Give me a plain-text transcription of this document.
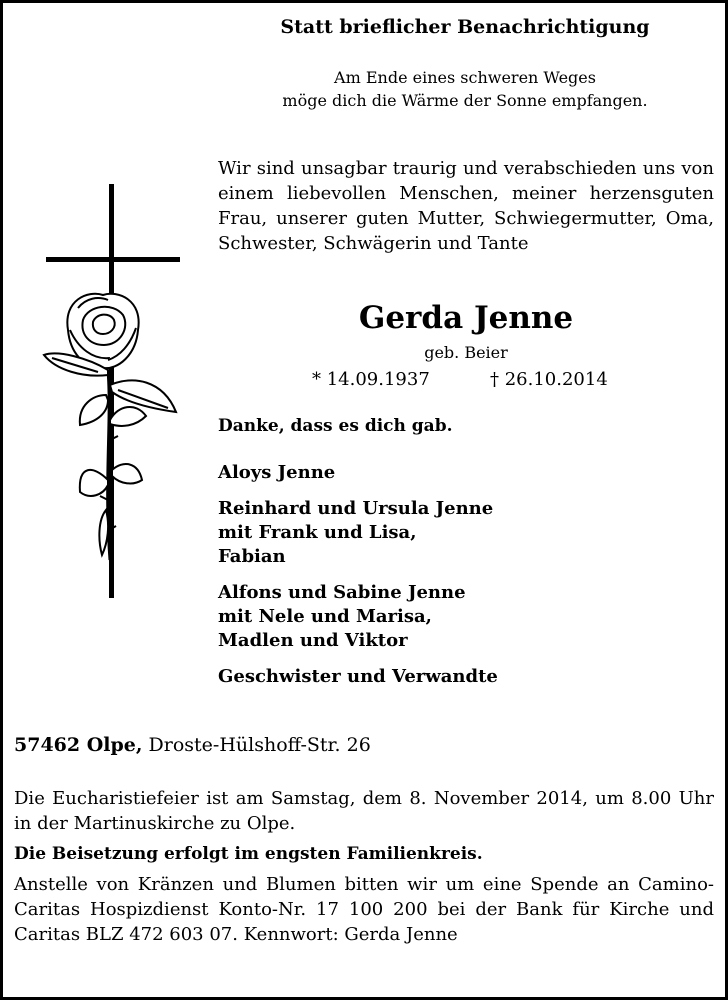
Statt brieflicher Benachrichtigung
Am Ende eines schweren Weges
möge dich die Wärme der Sonne empfangen.
Wir sind unsagbar traurig und verabschieden uns von einem liebevollen Menschen, meiner herzensguten Frau, unserer guten Mutter, Schwiegermutter, Oma, Schwester, Schwägerin und Tante
Gerda Jenne
geb. Beier
* 14.09.1937	† 26.10.2014
Danke, dass es dich gab.
Aloys Jenne
Reinhard und Ursula Jenne
mit Frank und Lisa,
Fabian
Alfons und Sabine Jenne
mit Nele und Marisa,
Madlen und Viktor
Geschwister und Verwandte
57462 Olpe, Droste-Hülshoff-Str. 26
Die Eucharistiefeier ist am Samstag, dem 8. November 2014, um 8.00 Uhr in der Martinuskirche zu Olpe.
Die Beisetzung erfolgt im engsten Familienkreis.
Anstelle von Kränzen und Blumen bitten wir um eine Spende an Camino-Caritas Hospizdienst Konto-Nr. 17 100 200 bei der Bank für Kirche und Caritas BLZ 472 603 07. Kennwort: Gerda Jenne
